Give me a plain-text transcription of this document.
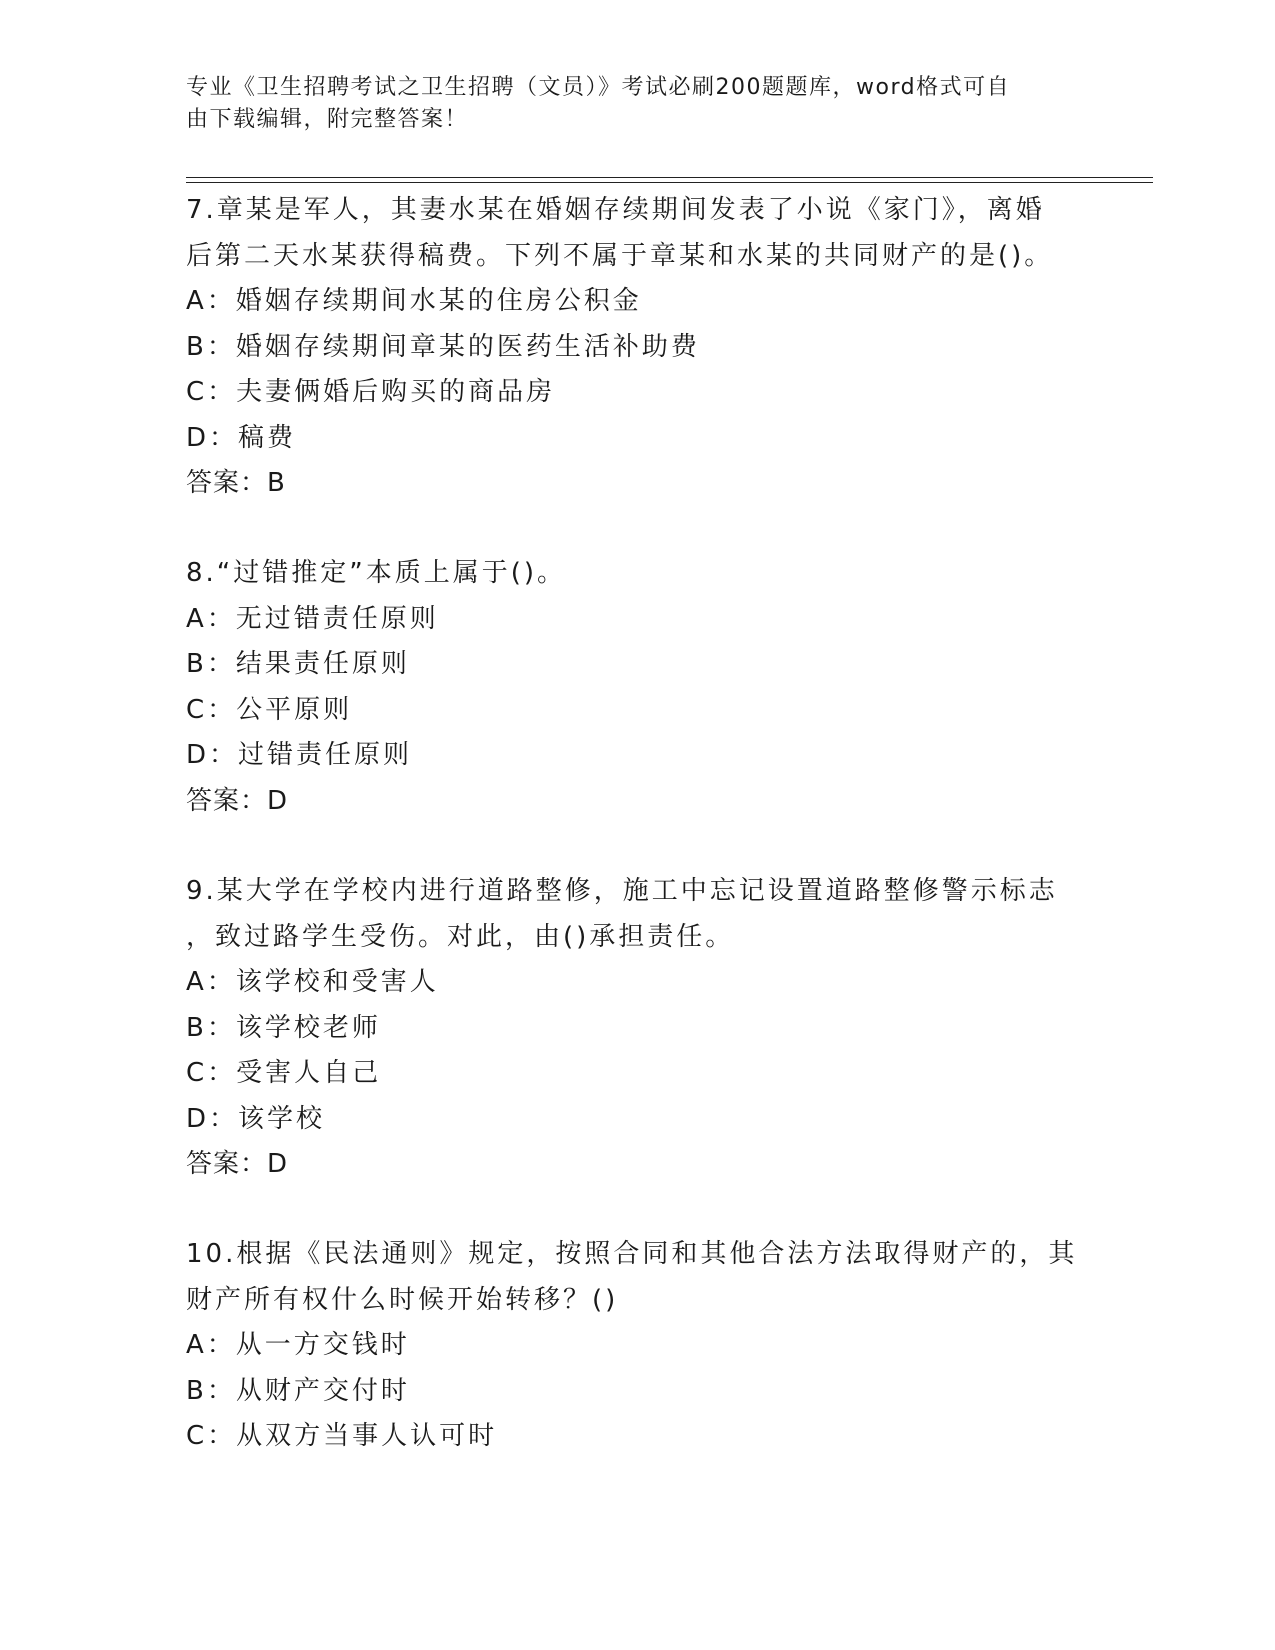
专业《卫生招聘考试之卫生招聘（文员）》考试必刷200题题库，word格式可自
由下载编辑，附完整答案！
7.章某是军人，其妻水某在婚姻存续期间发表了小说《家门》，离婚
后第二天水某获得稿费。下列不属于章某和水某的共同财产的是()。
A：婚姻存续期间水某的住房公积金
B：婚姻存续期间章某的医药生活补助费
C：夫妻俩婚后购买的商品房
D：稿费
答案：B
8.“过错推定”本质上属于()。
A：无过错责任原则
B：结果责任原则
C：公平原则
D：过错责任原则
答案：D
9.某大学在学校内进行道路整修，施工中忘记设置道路整修警示标志
，致过路学生受伤。对此，由()承担责任。
A：该学校和受害人
B：该学校老师
C：受害人自己
D：该学校
答案：D
10.根据《民法通则》规定，按照合同和其他合法方法取得财产的，其
财产所有权什么时候开始转移？()
A：从一方交钱时
B：从财产交付时
C：从双方当事人认可时
